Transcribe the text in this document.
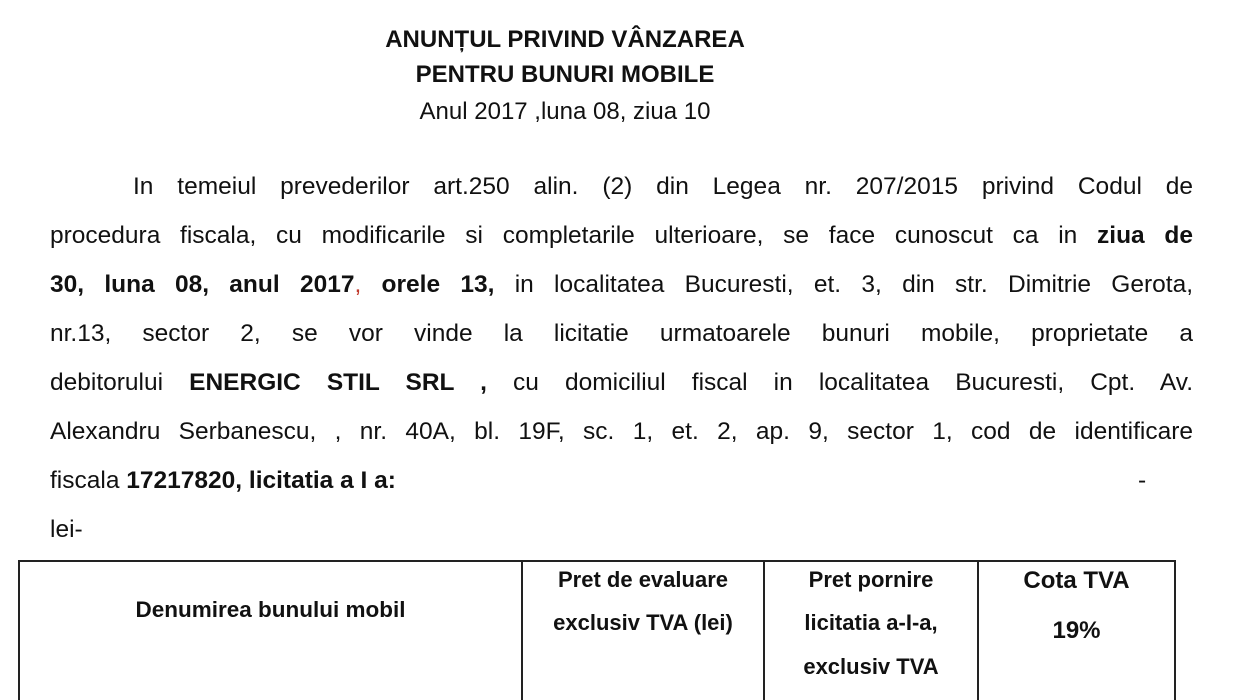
ANUNȚUL PRIVIND VÂNZAREA
PENTRU BUNURI MOBILE
Anul 2017 ,luna 08, ziua 10
In temeiul prevederilor art.250 alin. (2) din Legea nr. 207/2015 privind Codul de
procedura fiscala, cu modificarile si completarile ulterioare, se face cunoscut ca in ziua de
30, luna 08, anul 2017, orele 13, in localitatea Bucuresti, et. 3, din str. Dimitrie Gerota,
nr.13, sector 2, se vor vinde la licitatie urmatoarele bunuri mobile, proprietate a
debitorului ENERGIC STIL SRL , cu domiciliul fiscal in localitatea Bucuresti, Cpt. Av.
Alexandru Serbanescu, , nr. 40A, bl. 19F, sc. 1, et. 2, ap. 9, sector 1, cod de identificare
fiscala 17217820, licitatia a I a:	-
lei-
Denumirea bunului mobil
Pret de evaluare
exclusiv TVA (lei)
Pret pornire
licitatia a-I-a,
exclusiv TVA
Cota TVA
19%
